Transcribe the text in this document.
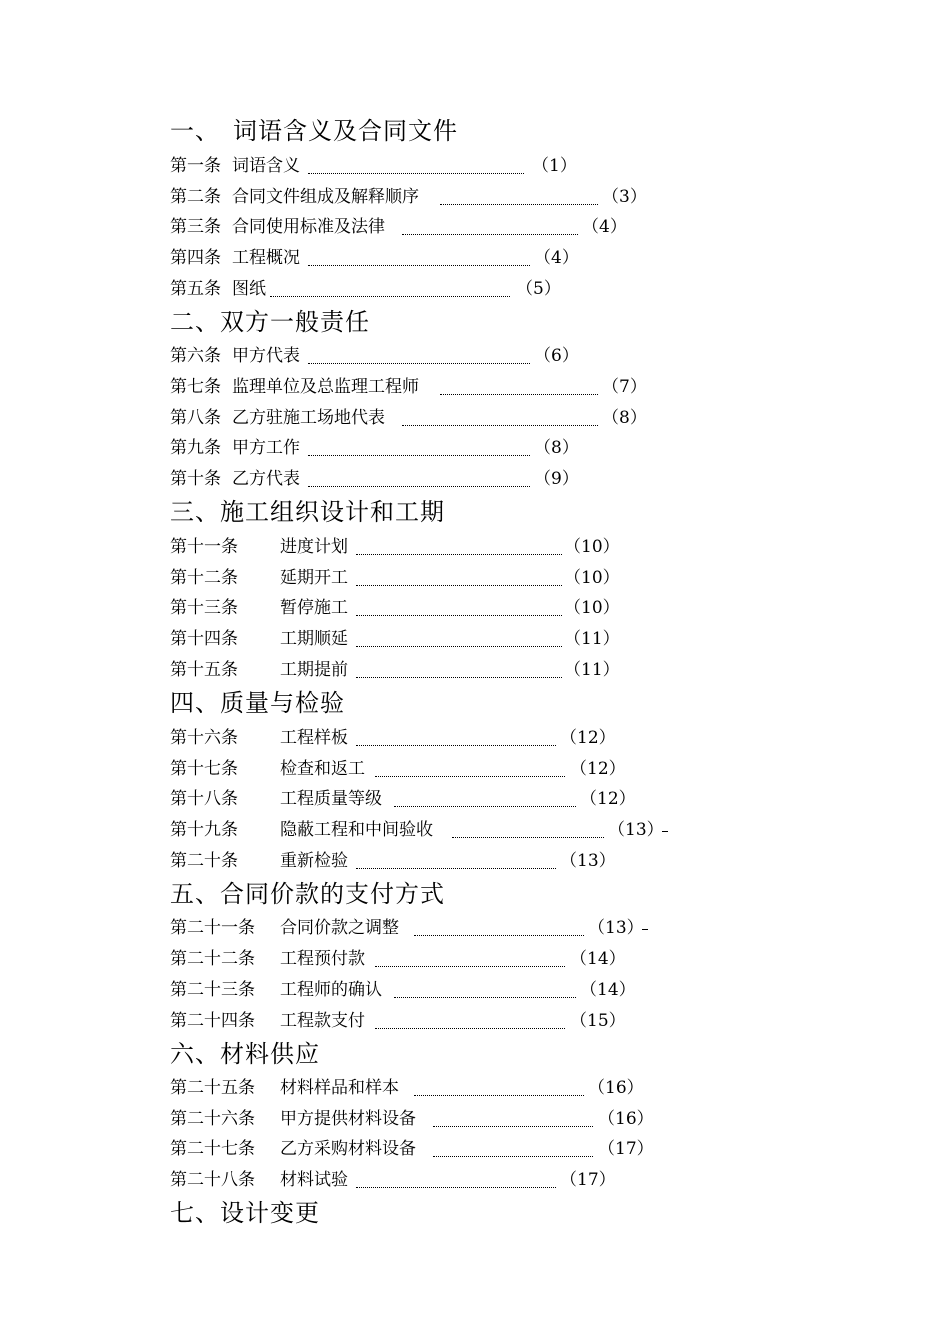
一、　词语含义及合同文件
第一条 词语含义	（1）
第二条 合同文件组成及解释顺序	（3）
第三条 合同使用标准及法律	（4）
第四条 工程概况	（4）
第五条 图纸	（5）
二、双方一般责任
第六条 甲方代表	（6）
第七条 监理单位及总监理工程师	（7）
第八条 乙方驻施工场地代表	（8）
第九条 甲方工作	（8）
第十条 乙方代表	（9）
三、施工组织设计和工期
第十一条 进度计划	（10）
第十二条 延期开工	（10）
第十三条 暂停施工	（10）
第十四条 工期顺延	（11）
第十五条 工期提前	（11）
四、质量与检验
第十六条 工程样板	（12）
第十七条 检查和返工	（12）
第十八条 工程质量等级	（12）
第十九条 隐蔽工程和中间验收	（13）
第二十条 重新检验	（13）
五、合同价款的支付方式
第二十一条 合同价款之调整	（13）
第二十二条 工程预付款	（14）
第二十三条 工程师的确认	（14）
第二十四条 工程款支付	（15）
六、材料供应
第二十五条 材料样品和样本	（16）
第二十六条 甲方提供材料设备	（16）
第二十七条 乙方采购材料设备	（17）
第二十八条 材料试验	（17）
七、设计变更
